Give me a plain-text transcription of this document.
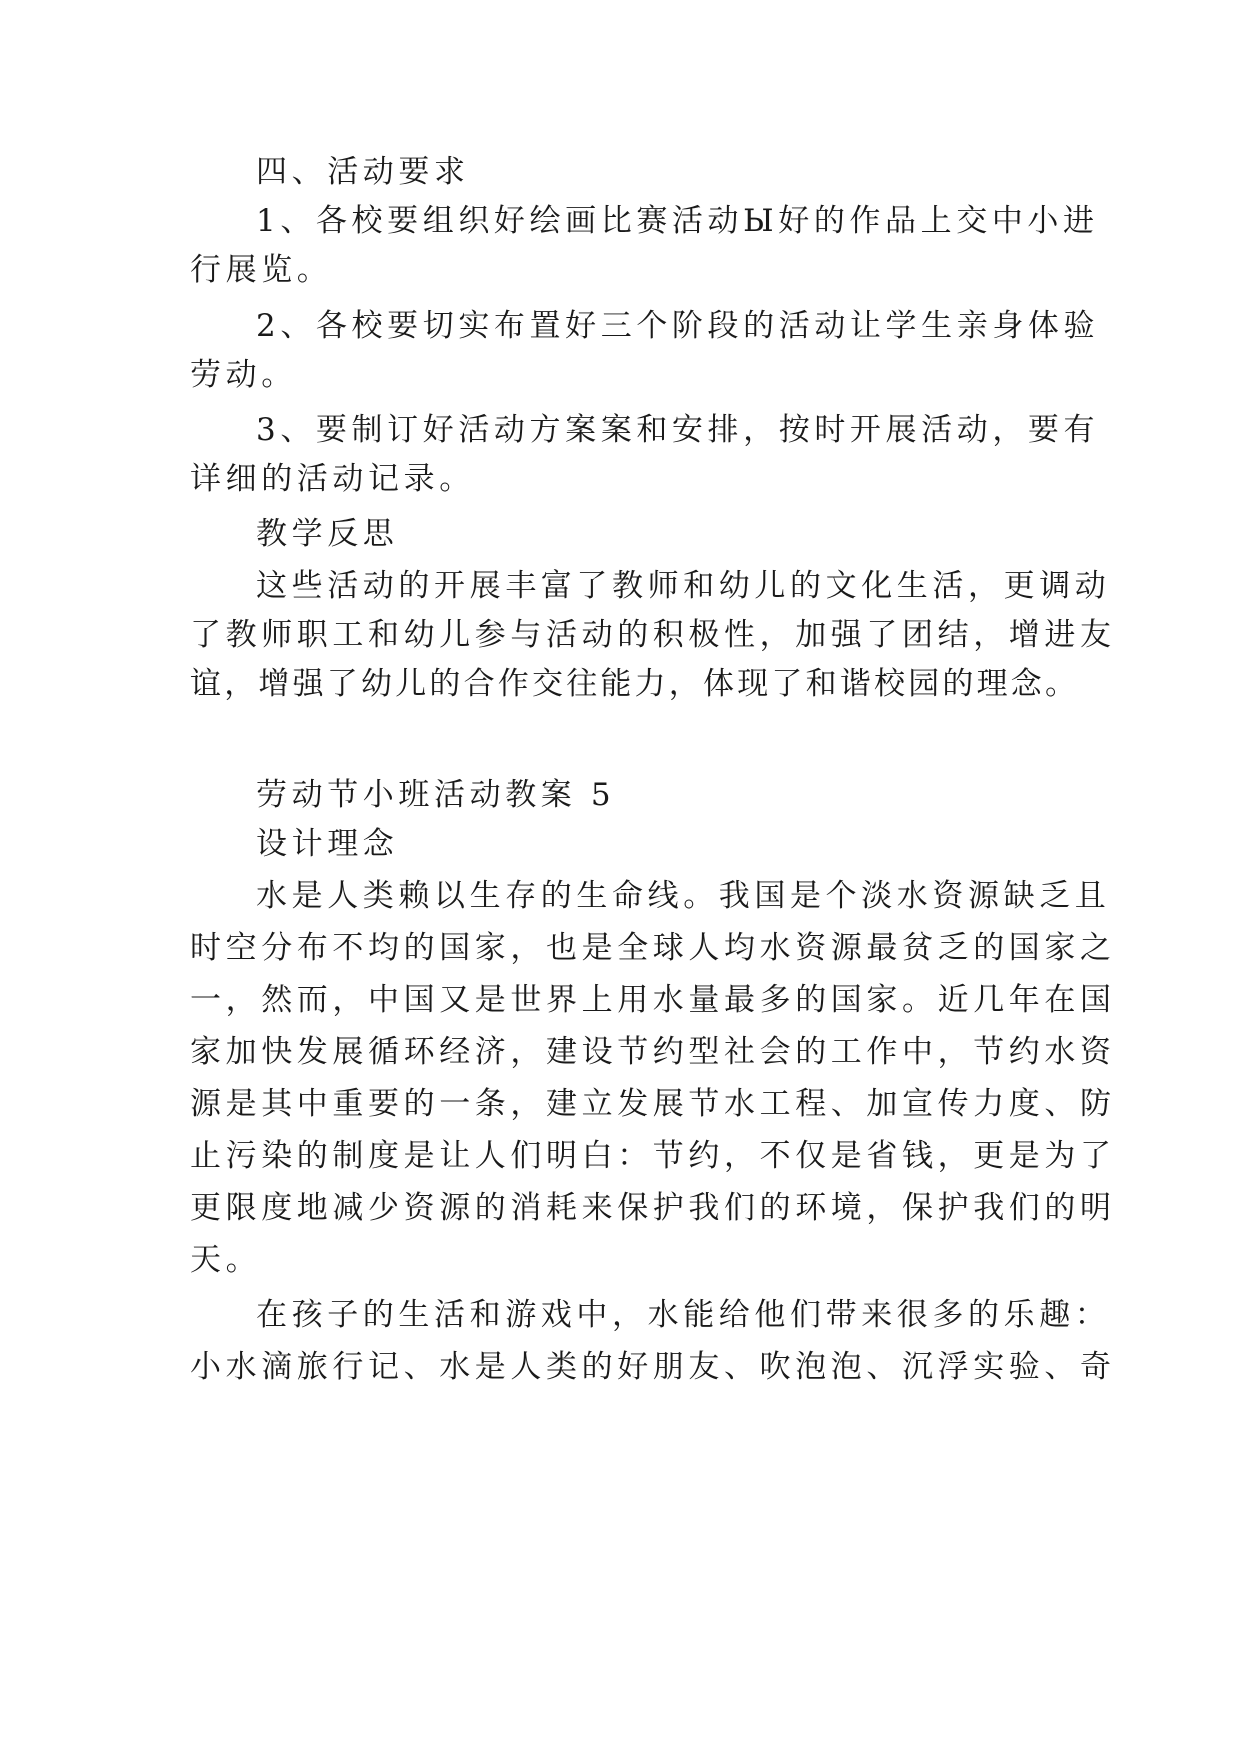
四、活动要求

1、各校要组织好绘画比赛活动Ы好的作品上交中小进

行展览。

2、各校要切实布置好三个阶段的活动让学生亲身体验

劳动。

3、要制订好活动方案案和安排，按时开展活动，要有

详细的活动记录。

教学反思

这些活动的开展丰富了教师和幼儿的文化生活，更调动

了教师职工和幼儿参与活动的积极性，加强了团结，增进友

谊，增强了幼儿的合作交往能力，体现了和谐校园的理念。

劳动节小班活动教案 5

设计理念

水是人类赖以生存的生命线。我国是个淡水资源缺乏且

时空分布不均的国家，也是全球人均水资源最贫乏的国家之

一，然而，中国又是世界上用水量最多的国家。近几年在国

家加快发展循环经济，建设节约型社会的工作中，节约水资

源是其中重要的一条，建立发展节水工程、加宣传力度、防

止污染的制度是让人们明白：节约，不仅是省钱，更是为了

更限度地减少资源的消耗来保护我们的环境，保护我们的明

天。

在孩子的生活和游戏中，水能给他们带来很多的乐趣：

小水滴旅行记、水是人类的好朋友、吹泡泡、沉浮实验、奇
